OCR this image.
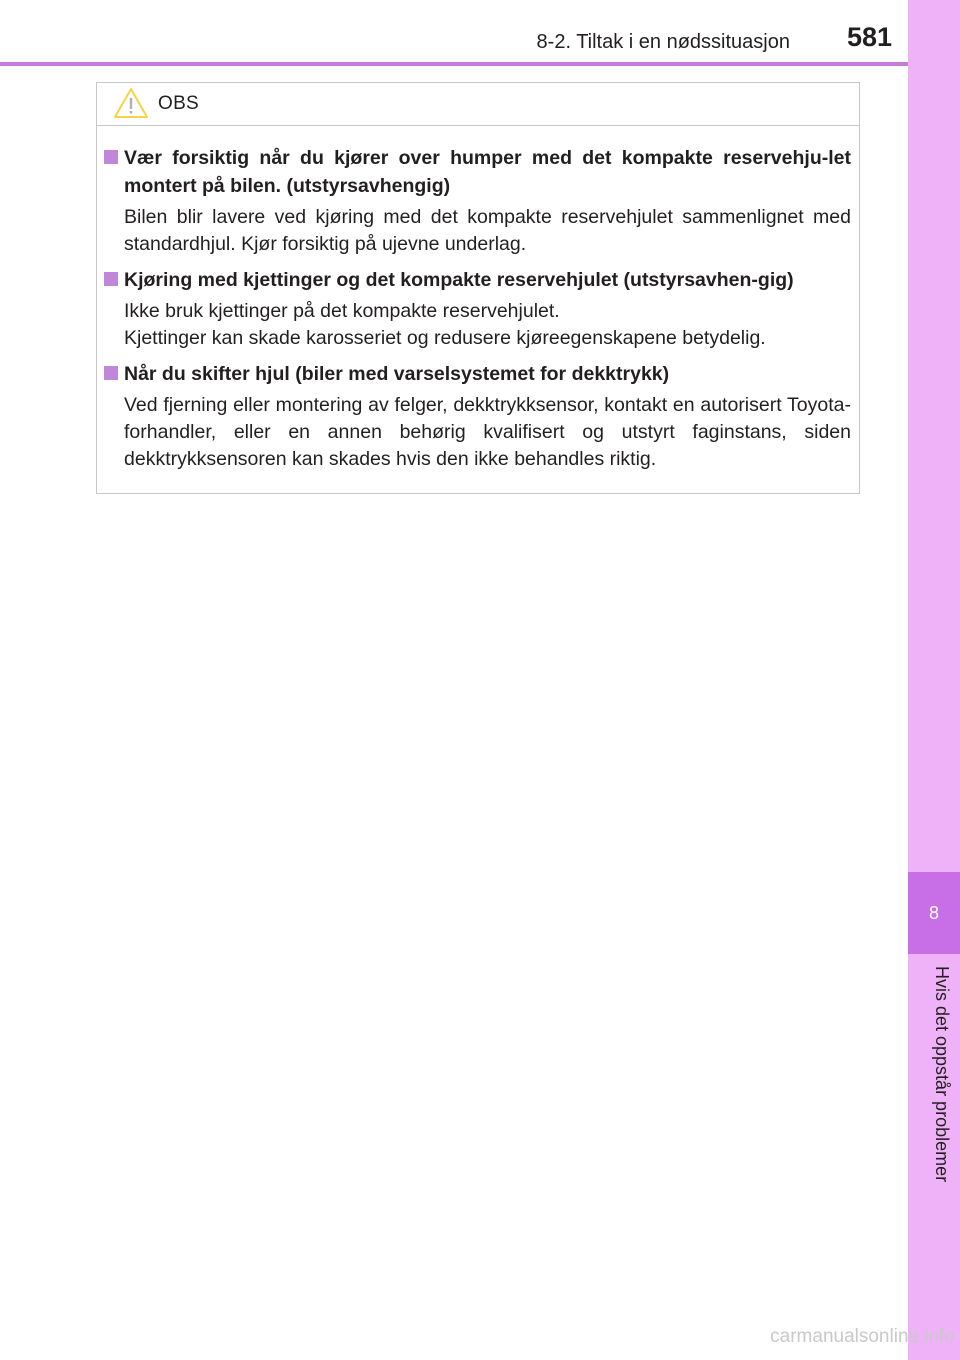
8-2. Tiltak i en nødssituasjon	581
8
Hvis det oppstår problemer
OBS
Vær forsiktig når du kjører over humper med det kompakte reservehju-let montert på bilen. (utstyrsavhengig)

Bilen blir lavere ved kjøring med det kompakte reservehjulet sammenlignet med standardhjul. Kjør forsiktig på ujevne underlag.

Kjøring med kjettinger og det kompakte reservehjulet (utstyrsavhen-gig)

Ikke bruk kjettinger på det kompakte reservehjulet.

Kjettinger kan skade karosseriet og redusere kjøreegenskapene betydelig.

Når du skifter hjul (biler med varselsystemet for dekktrykk)

Ved fjerning eller montering av felger, dekktrykksensor, kontakt en autorisert Toyota-forhandler, eller en annen behørig kvalifisert og utstyrt faginstans, siden dekktrykksensoren kan skades hvis den ikke behandles riktig.

carmanualsonline.info
